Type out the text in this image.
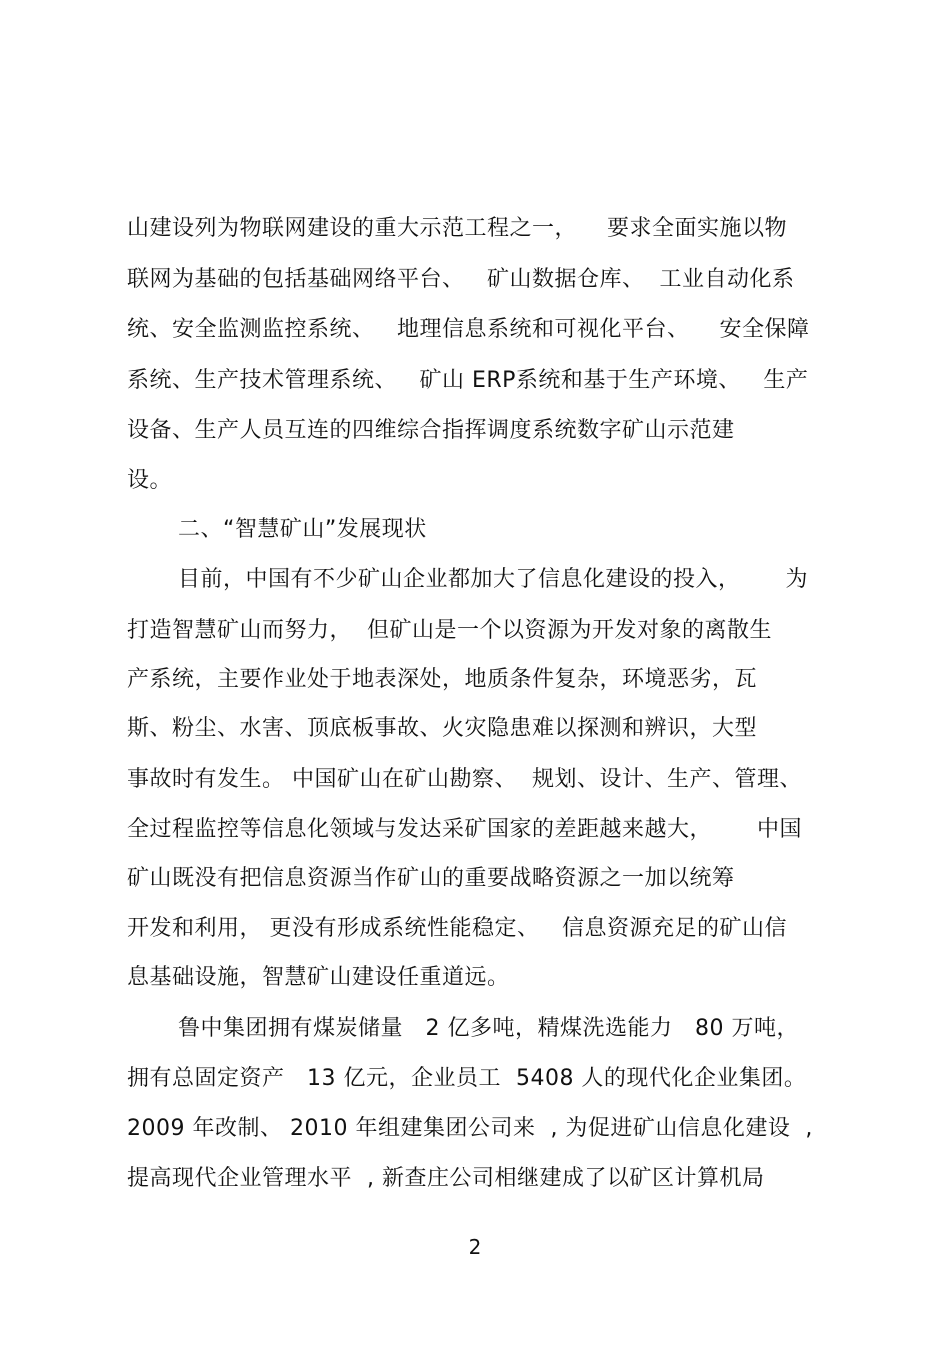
山建设列为物联网建设的重大示范工程之一，    要求全面实施以物
联网为基础的包括基础网络平台、   矿山数据仓库、  工业自动化系
统、安全监测监控系统、   地理信息系统和可视化平台、    安全保障
系统、生产技术管理系统、   矿山 ERP系统和基于生产环境、   生产
设备、生产人员互连的四维综合指挥调度系统数字矿山示范建
设。
二、“智慧矿山”发展现状
目前，中国有不少矿山企业都加大了信息化建设的投入，      为
打造智慧矿山而努力，  但矿山是一个以资源为开发对象的离散生
产系统，主要作业处于地表深处，地质条件复杂，环境恶劣，瓦
斯、粉尘、水害、顶底板事故、火灾隐患难以探测和辨识，大型
事故时有发生。 中国矿山在矿山勘察、  规划、设计、生产、管理、
全过程监控等信息化领域与发达采矿国家的差距越来越大，      中国
矿山既没有把信息资源当作矿山的重要战略资源之一加以统筹
开发和利用， 更没有形成系统性能稳定、   信息资源充足的矿山信
息基础设施，智慧矿山建设任重道远。
鲁中集团拥有煤炭储量   2 亿多吨，精煤洗选能力   80 万吨，
拥有总固定资产   13 亿元，企业员工  5408 人的现代化企业集团。
2009 年改制、 2010 年组建集团公司来  , 为促进矿山信息化建设  ,
提高现代企业管理水平  , 新查庄公司相继建成了以矿区计算机局
2
